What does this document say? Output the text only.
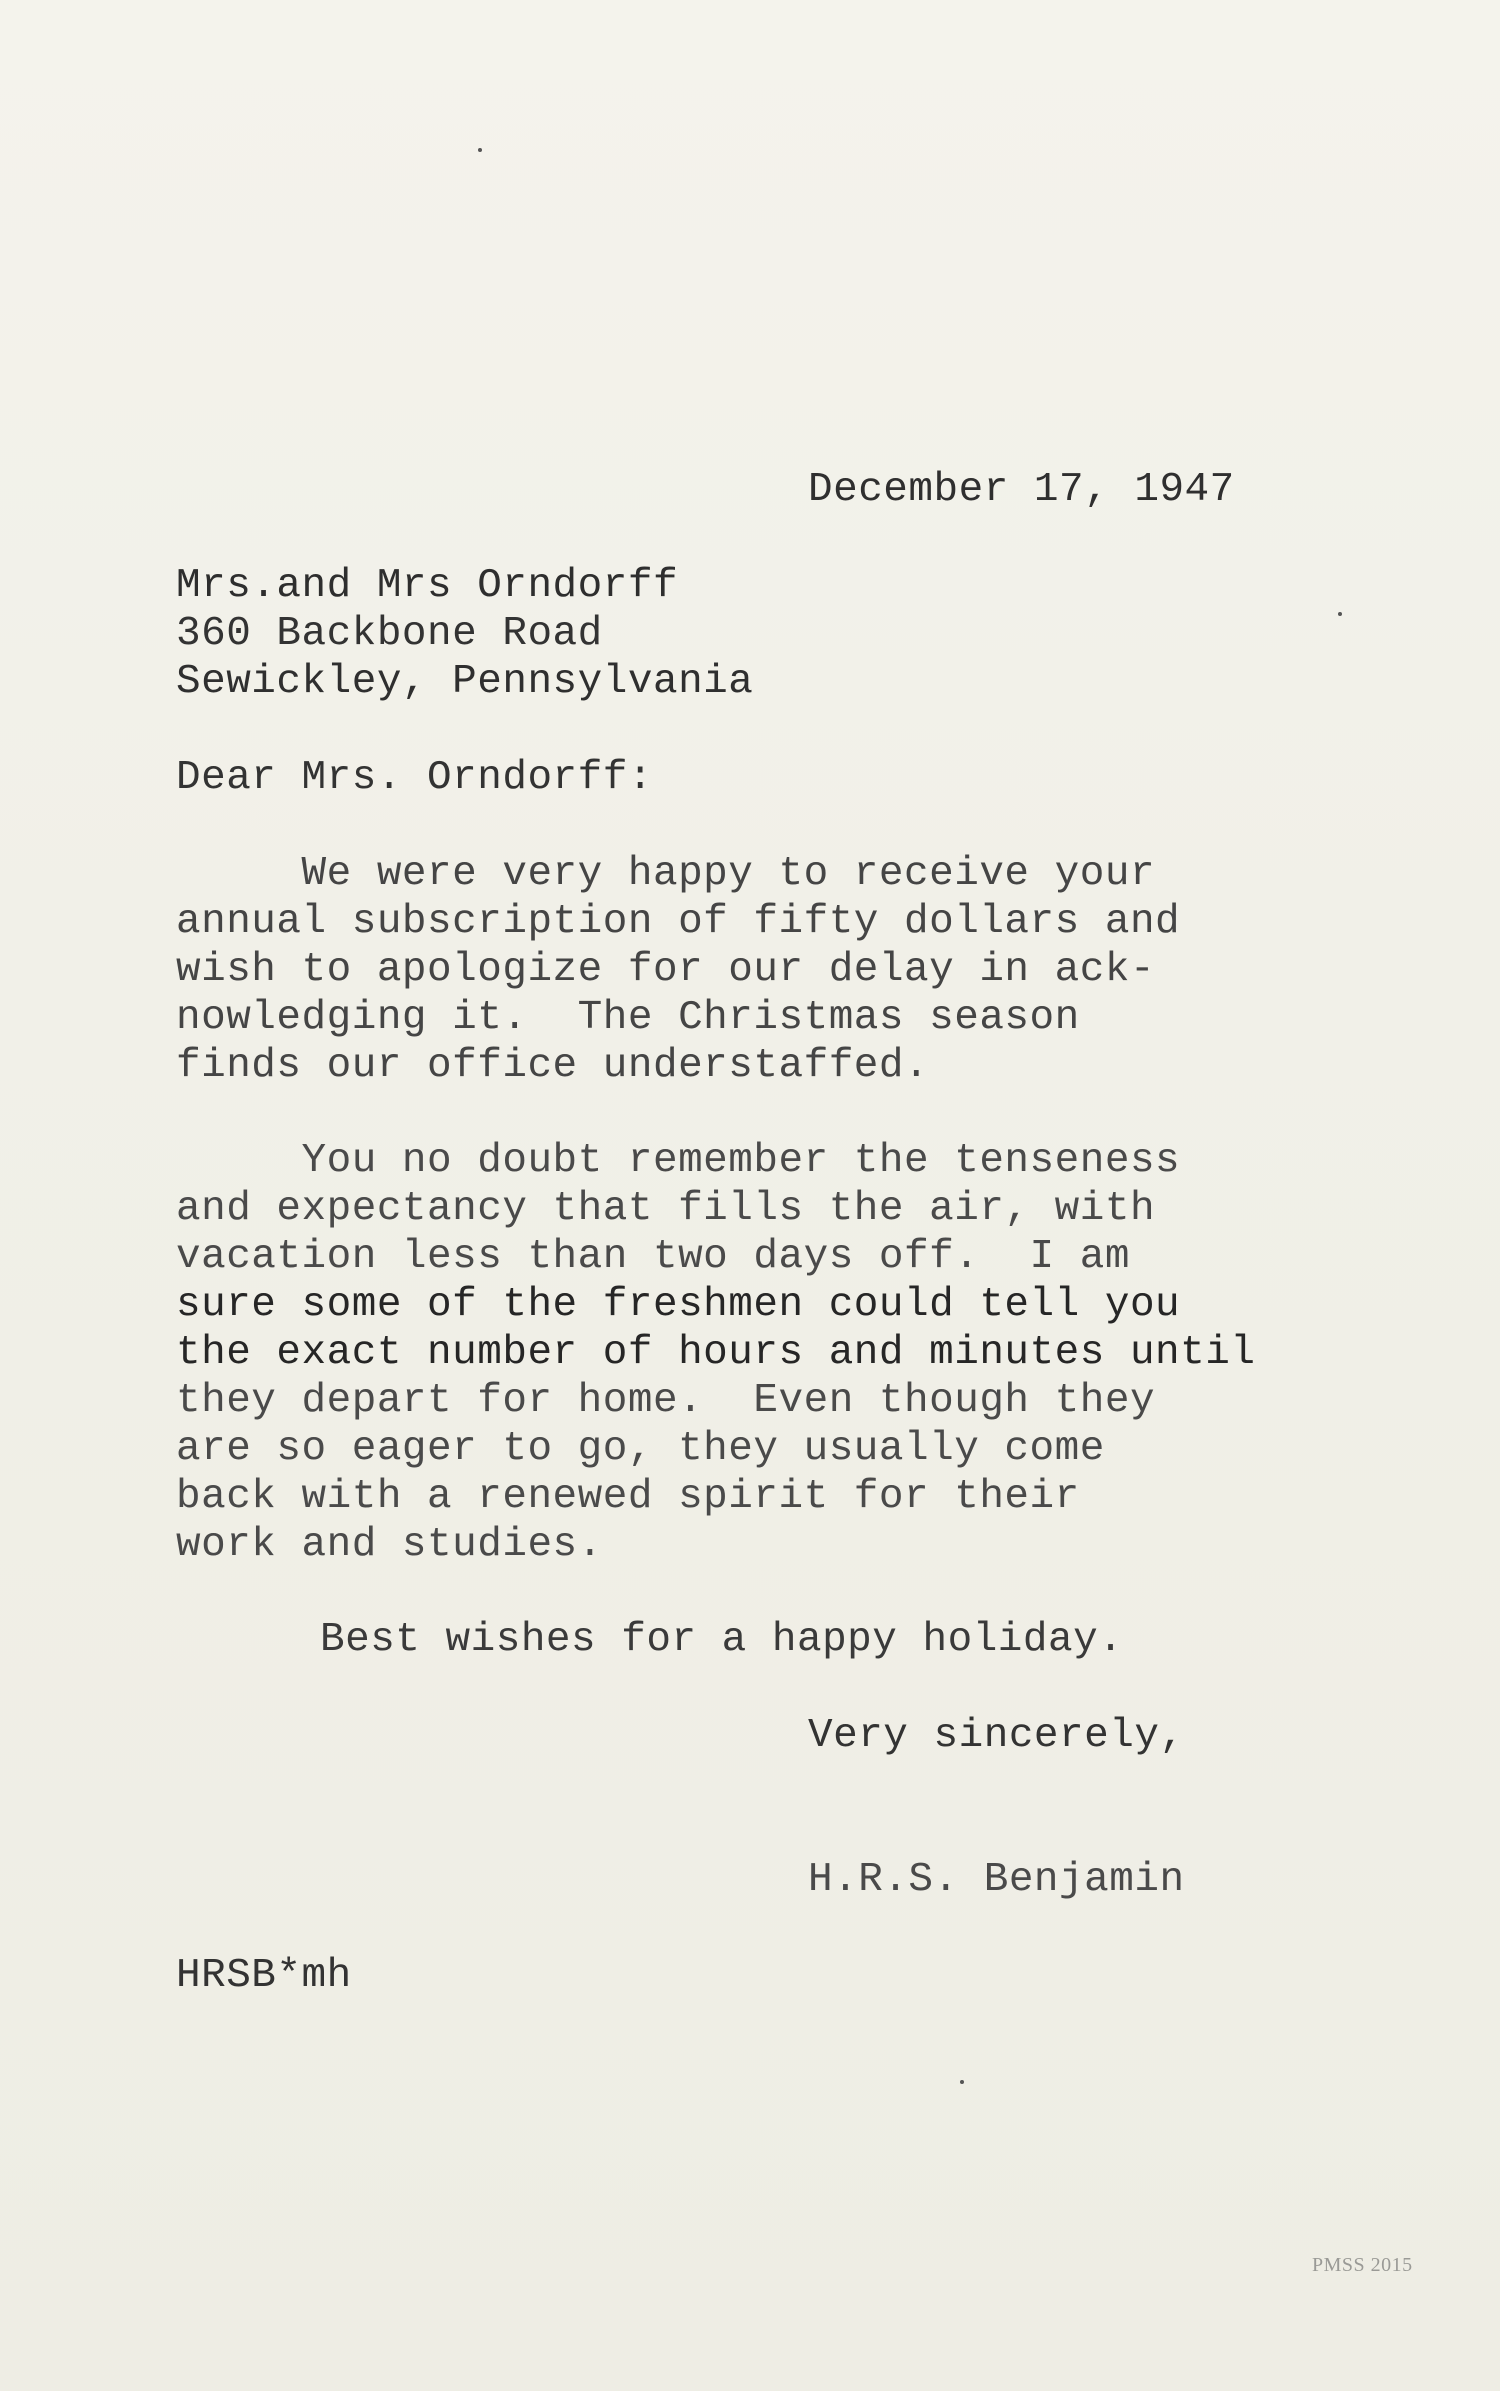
December 17, 1947
Mrs.and Mrs Orndorff
360 Backbone Road
Sewickley, Pennsylvania
Dear Mrs. Orndorff:
We were very happy to receive your
annual subscription of fifty dollars and
wish to apologize for our delay in ack-
nowledging it.  The Christmas season
finds our office understaffed.
You no doubt remember the tenseness
and expectancy that fills the air, with
vacation less than two days off.  I am
sure some of the freshmen could tell you
the exact number of hours and minutes until
they depart for home.  Even though they
are so eager to go, they usually come
back with a renewed spirit for their
work and studies.
Best wishes for a happy holiday.
Very sincerely,
H.R.S. Benjamin
HRSB*mh
PMSS 2015
